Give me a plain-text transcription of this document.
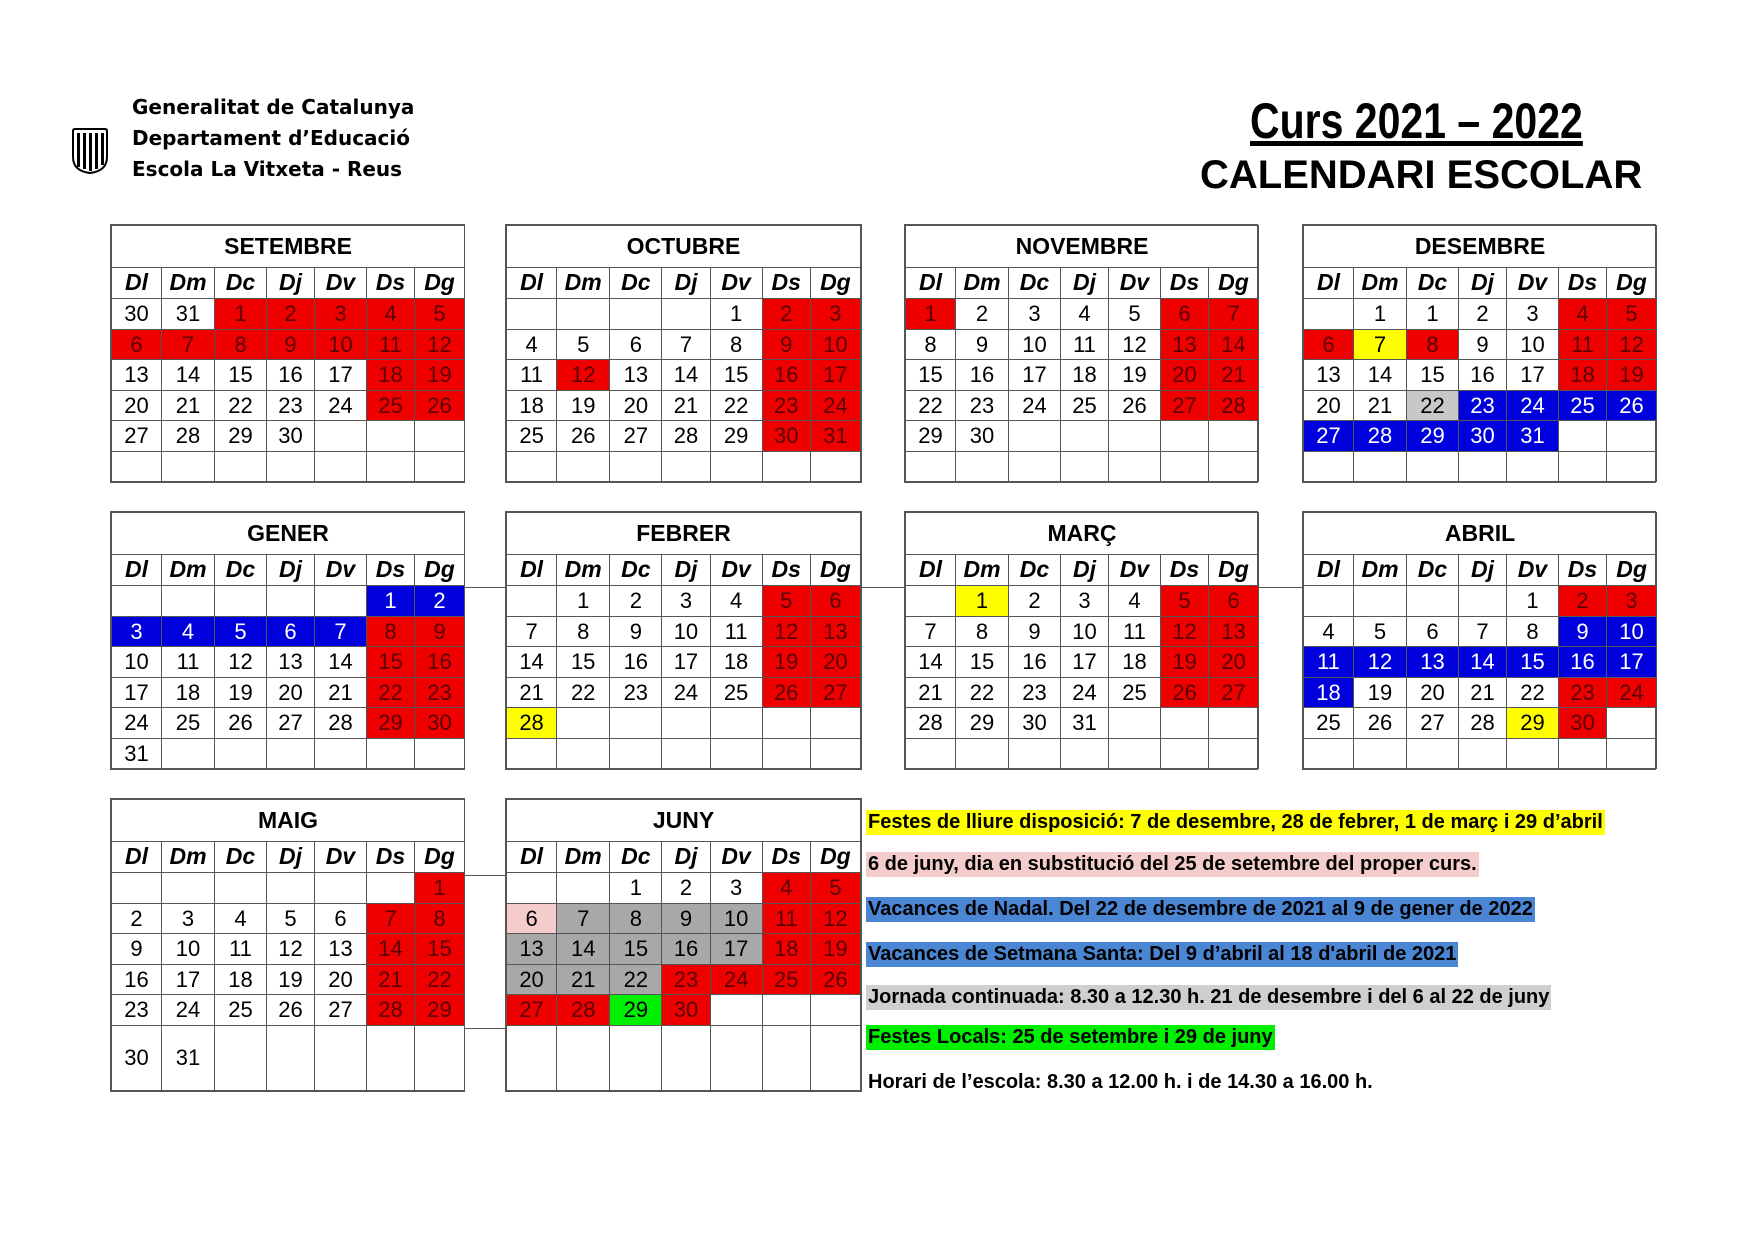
Generalitat de Catalunya
Departament d’Educació
Escola La Vitxeta - Reus
Curs 2021 – 2022
CALENDARI ESCOLAR
SETEMBRE						
Dl	Dm	Dc	Dj	Dv	Ds	Dg
30	31	1	2	3	4	5
6	7	8	9	10	11	12
13	14	15	16	17	18	19
20	21	22	23	24	25	26
27	28	29	30			

OCTUBRE						
Dl	Dm	Dc	Dj	Dv	Ds	Dg
				1	2	3
4	5	6	7	8	9	10
11	12	13	14	15	16	17
18	19	20	21	22	23	24
25	26	27	28	29	30	31

NOVEMBRE						
Dl	Dm	Dc	Dj	Dv	Ds	Dg
1	2	3	4	5	6	7
8	9	10	11	12	13	14
15	16	17	18	19	20	21
22	23	24	25	26	27	28
29	30					

DESEMBRE						
Dl	Dm	Dc	Dj	Dv	Ds	Dg
	1	1	2	3	4	5
6	7	8	9	10	11	12
13	14	15	16	17	18	19
20	21	22	23	24	25	26
27	28	29	30	31		

GENER						
Dl	Dm	Dc	Dj	Dv	Ds	Dg
					1	2
3	4	5	6	7	8	9
10	11	12	13	14	15	16
17	18	19	20	21	22	23
24	25	26	27	28	29	30
31						
FEBRER						
Dl	Dm	Dc	Dj	Dv	Ds	Dg
	1	2	3	4	5	6
7	8	9	10	11	12	13
14	15	16	17	18	19	20
21	22	23	24	25	26	27
28						

MARÇ						
Dl	Dm	Dc	Dj	Dv	Ds	Dg
	1	2	3	4	5	6
7	8	9	10	11	12	13
14	15	16	17	18	19	20
21	22	23	24	25	26	27
28	29	30	31			

ABRIL						
Dl	Dm	Dc	Dj	Dv	Ds	Dg
				1	2	3
4	5	6	7	8	9	10
11	12	13	14	15	16	17
18	19	20	21	22	23	24
25	26	27	28	29	30	

MAIG						
Dl	Dm	Dc	Dj	Dv	Ds	Dg
						1
2	3	4	5	6	7	8
9	10	11	12	13	14	15
16	17	18	19	20	21	22
23	24	25	26	27	28	29
30	31					
JUNY						
Dl	Dm	Dc	Dj	Dv	Ds	Dg
		1	2	3	4	5
6	7	8	9	10	11	12
13	14	15	16	17	18	19
20	21	22	23	24	25	26
27	28	29	30			

Festes de lliure disposició: 7 de desembre, 28 de febrer, 1 de març i 29 d’abril
6 de juny, dia en substitució del 25 de setembre del proper curs.
Vacances de Nadal. Del 22 de desembre de 2021 al 9 de gener de 2022
Vacances de Setmana Santa: Del 9 d’abril al 18 d'abril de 2021
Jornada continuada: 8.30 a 12.30 h. 21 de desembre i del 6 al 22 de juny
Festes Locals: 25 de setembre i 29 de juny
Horari de l’escola: 8.30 a 12.00 h. i de 14.30 a 16.00 h.
